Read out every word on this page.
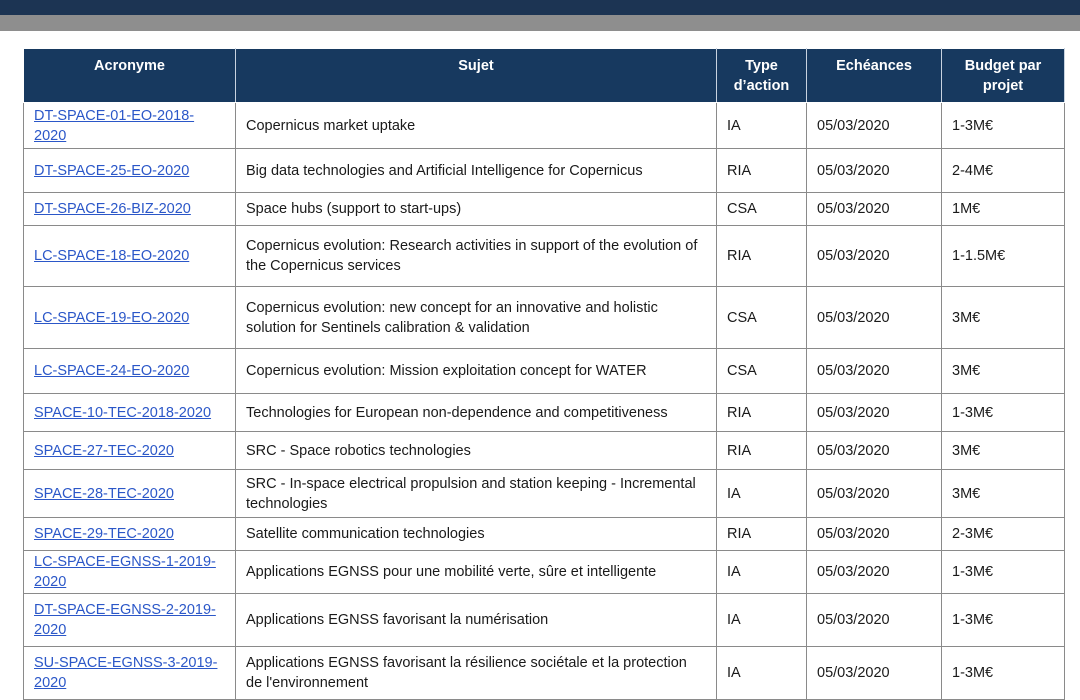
Acronyme	Sujet	Type d’action	Echéances	Budget par projet
DT-SPACE-01-EO-2018-2020	Copernicus market uptake	IA	05/03/2020	1-3M€
DT-SPACE-25-EO-2020	Big data technologies and Artificial Intelligence for Copernicus	RIA	05/03/2020	2-4M€
DT-SPACE-26-BIZ-2020	Space hubs (support to start-ups)	CSA	05/03/2020	1M€
LC-SPACE-18-EO-2020	Copernicus evolution: Research activities in support of the evolution of the Copernicus services	RIA	05/03/2020	1-1.5M€
LC-SPACE-19-EO-2020	Copernicus evolution: new concept for an innovative and holistic solution for Sentinels calibration & validation	CSA	05/03/2020	3M€
LC-SPACE-24-EO-2020	Copernicus evolution: Mission exploitation concept for WATER	CSA	05/03/2020	3M€
SPACE-10-TEC-2018-2020	Technologies for European non-dependence and competitiveness	RIA	05/03/2020	1-3M€
SPACE-27-TEC-2020	SRC - Space robotics technologies	RIA	05/03/2020	3M€
SPACE-28-TEC-2020	SRC - In-space electrical propulsion and station keeping - Incremental technologies	IA	05/03/2020	3M€
SPACE-29-TEC-2020	Satellite communication technologies	RIA	05/03/2020	2-3M€
LC-SPACE-EGNSS-1-2019-2020	Applications EGNSS pour une mobilité verte, sûre et intelligente	IA	05/03/2020	1-3M€
DT-SPACE-EGNSS-2-2019-2020	Applications EGNSS favorisant la numérisation	IA	05/03/2020	1-3M€
SU-SPACE-EGNSS-3-2019-2020	Applications EGNSS favorisant la résilience sociétale et la protection de l'environnement	IA	05/03/2020	1-3M€
